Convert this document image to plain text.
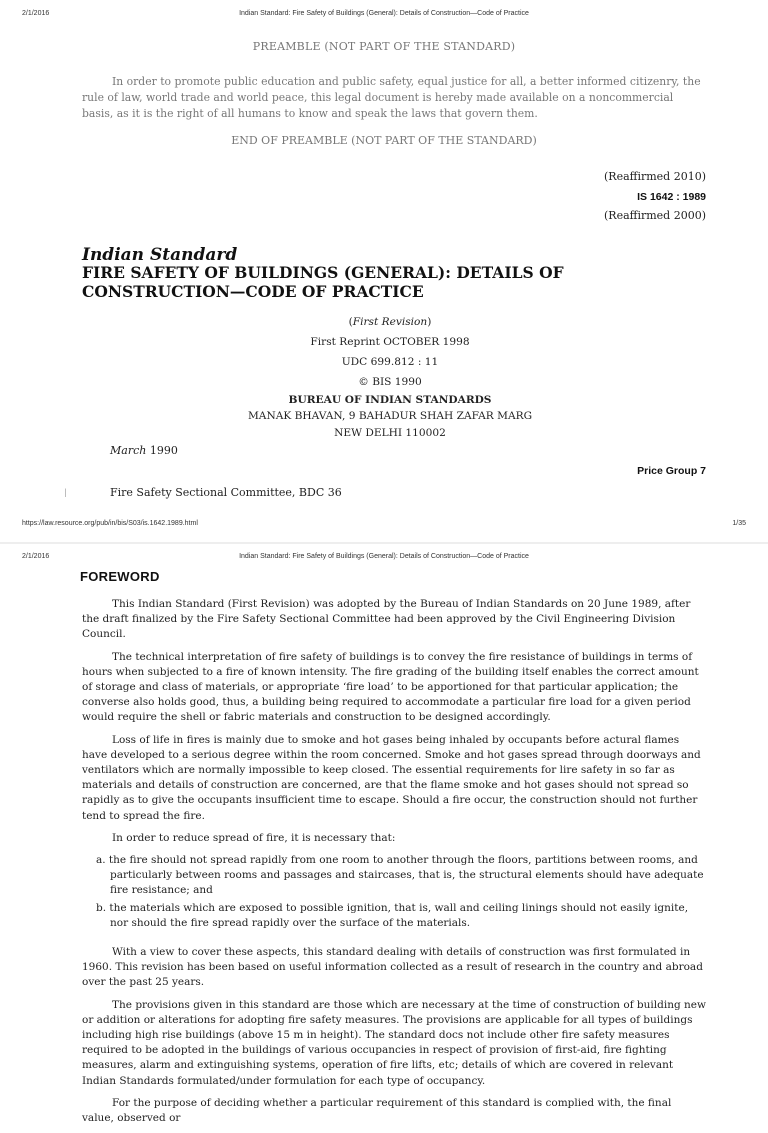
2/1/2016	Indian Standard: Fire Safety of Buildings (General): Details of Construction—Code of Practice
PREAMBLE (NOT PART OF THE STANDARD)
In order to promote public education and public safety, equal justice for all, a better informed citizenry, the rule of law, world trade and world peace, this legal document is hereby made available on a noncommercial basis, as it is the right of all humans to know and speak the laws that govern them.
END OF PREAMBLE (NOT PART OF THE STANDARD)
(Reaffirmed 2010)
IS 1642 : 1989
(Reaffirmed 2000)
Indian Standard
FIRE SAFETY OF BUILDINGS (GENERAL): DETAILS OF CONSTRUCTION—CODE OF PRACTICE
(First Revision)
First Reprint OCTOBER 1998
UDC 699.812 : 11
© BIS 1990
BUREAU OF INDIAN STANDARDS
MANAK BHAVAN, 9 BAHADUR SHAH ZAFAR MARG
NEW DELHI 110002
March 1990
Price Group 7
|	Fire Safety Sectional Committee, BDC 36
https://law.resource.org/pub/in/bis/S03/is.1642.1989.html	1/35
2/1/2016	Indian Standard: Fire Safety of Buildings (General): Details of Construction—Code of Practice
FOREWORD

This Indian Standard (First Revision) was adopted by the Bureau of Indian Standards on 20 June 1989, after the draft finalized by the Fire Safety Sectional Committee had been approved by the Civil Engineering Division Council.

The technical interpretation of fire safety of buildings is to convey the fire resistance of buildings in terms of hours when subjected to a fire of known intensity. The fire grading of the building itself enables the correct amount of storage and class of materials, or appropriate ‘fire load’ to be apportioned for that particular application; the converse also holds good, thus, a building being required to accommodate a particular fire load for a given period would require the shell or fabric materials and construction to be designed accordingly.

Loss of life in fires is mainly due to smoke and hot gases being inhaled by occupants before actural flames have developed to a serious degree within the room concerned. Smoke and hot gases spread through doorways and ventilators which are normally impossible to keep closed. The essential requirements for lire safety in so far as materials and details of construction are concerned, are that the flame smoke and hot gases should not spread so rapidly as to give the occupants insufficient time to escape. Should a fire occur, the construction should not further tend to spread the fire.

In order to reduce spread of fire, it is necessary that:

a. the fire should not spread rapidly from one room to another through the floors, partitions between rooms, and particularly between rooms and passages and staircases, that is, the structural elements should have adequate fire resistance; and
b. the materials which are exposed to possible ignition, that is, wall and ceiling linings should not easily ignite, nor should the fire spread rapidly over the surface of the materials.

With a view to cover these aspects, this standard dealing with details of construction was first formulated in 1960. This revision has been based on useful information collected as a result of research in the country and abroad over the past 25 years.

The provisions given in this standard are those which are necessary at the time of construction of building new or addition or alterations for adopting fire safety measures. The provisions are applicable for all types of buildings including high rise buildings (above 15 m in height). The standard docs not include other fire safety measures required to be adopted in the buildings of various occupancies in respect of provision of first-aid, fire fighting measures, alarm and extinguishing systems, operation of fire lifts, etc; details of which are covered in relevant Indian Standards formulated/under formulation for each type of occupancy.

For the purpose of deciding whether a particular requirement of this standard is complied with, the final value, observed or
